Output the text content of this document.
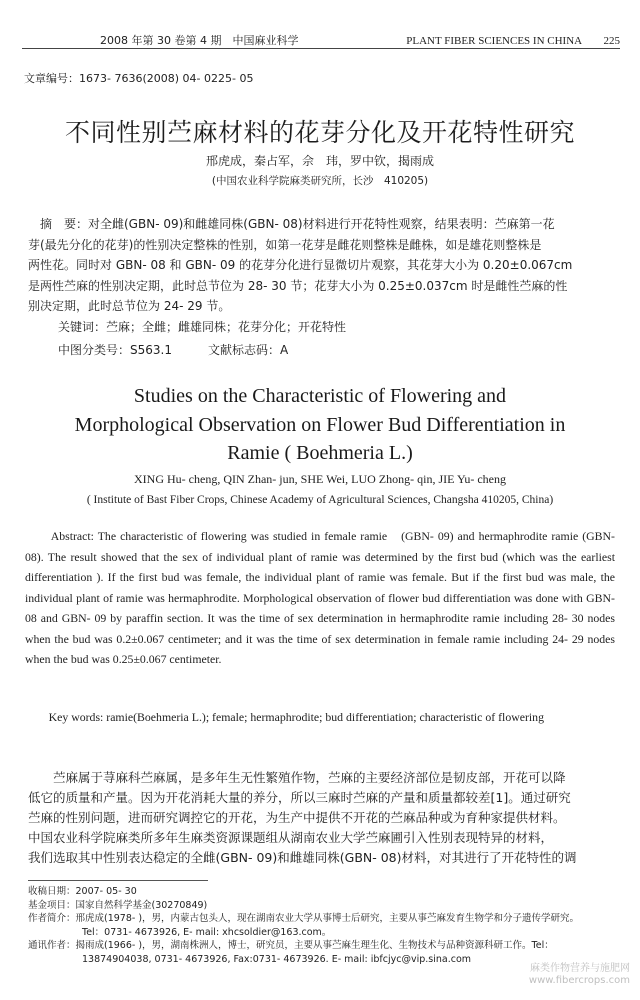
2008 年第 30 卷第 4 期　中国麻业科学	PLANT FIBER SCIENCES IN CHINA　　225
文章编号：1673- 7636(2008) 04- 0225- 05
不同性别苎麻材料的花芽分化及开花特性研究
邢虎成，秦占军，佘　玮，罗中钦，揭雨成
(中国农业科学院麻类研究所，长沙　410205)
　摘　要：对全雌(GBN- 09)和雌雄同株(GBN- 08)材料进行开花特性观察，结果表明：苎麻第一花
芽(最先分化的花芽)的性别决定整株的性别，如第一花芽是雌花则整株是雌株，如是雄花则整株是
两性花。同时对 GBN- 08 和 GBN- 09 的花芽分化进行显微切片观察，其花芽大小为 0.20±0.067cm
是两性苎麻的性别决定期，此时总节位为 28- 30 节；花芽大小为 0.25±0.037cm 时是雌性苎麻的性
别决定期，此时总节位为 24- 29 节。
关键词：苎麻；全雌；雌雄同株；花芽分化；开花特性
中图分类号：S563.1　　　文献标志码：A
Studies on the Characteristic of Flowering and
Morphological Observation on Flower Bud Differentiation in
Ramie ( Boehmeria L.)
XING Hu- cheng, QIN Zhan- jun, SHE Wei, LUO Zhong- qin, JIE Yu- cheng
( Institute of Bast Fiber Crops, Chinese Academy of Agricultural Sciences, Changsha 410205, China)
　　Abstract: The characteristic of flowering was studied in female ramie　(GBN- 09) and hermaphrodite ramie (GBN- 08). The result showed that the sex of individual plant of ramie was determined by the first bud (which was the earliest differentiation ). If the first bud was female, the individual plant of ramie was female. But if the first bud was male, the individual plant of ramie was hermaphrodite. Morphological observation of flower bud differentiation was done with GBN- 08 and GBN- 09 by paraffin section. It was the time of sex determination in hermaphrodite ramie including 28- 30 nodes when the bud was 0.2±0.067 centimeter; and it was the time of sex determination in female ramie including 24- 29 nodes when the bud was 0.25±0.067 centimeter.
　　Key words: ramie(Boehmeria L.); female; hermaphrodite; bud differentiation; characteristic of flowering
　　苎麻属于荨麻科苎麻属，是多年生无性繁殖作物，苎麻的主要经济部位是韧皮部，开花可以降
低它的质量和产量。因为开花消耗大量的养分，所以三麻时苎麻的产量和质量都较差[1]。通过研究
苎麻的性别问题，进而研究调控它的开花，为生产中提供不开花的苎麻品种或为育种家提供材料。
中国农业科学院麻类所多年生麻类资源课题组从湖南农业大学苎麻圃引入性别表现特异的材料，
我们选取其中性别表达稳定的全雌(GBN- 09)和雌雄同株(GBN- 08)材料，对其进行了开花特性的调
收稿日期：2007- 05- 30
基金项目：国家自然科学基金(30270849)
作者简介：邢虎成(1978- )，男，内蒙古包头人，现在湖南农业大学从事博士后研究，主要从事苎麻发育生物学和分子遗传学研究。
Tel：0731- 4673926, E- mail: xhcsoldier@163.com。
通讯作者：揭雨成(1966- )，男，湖南株洲人，博士，研究员，主要从事苎麻生理生化、生物技术与品种资源科研工作。Tel：
13874904038, 0731- 4673926, Fax:0731- 4673926. E- mail: ibfcjyc@vip.sina.com
麻类作物营养与施肥网
www.fibercrops.com
